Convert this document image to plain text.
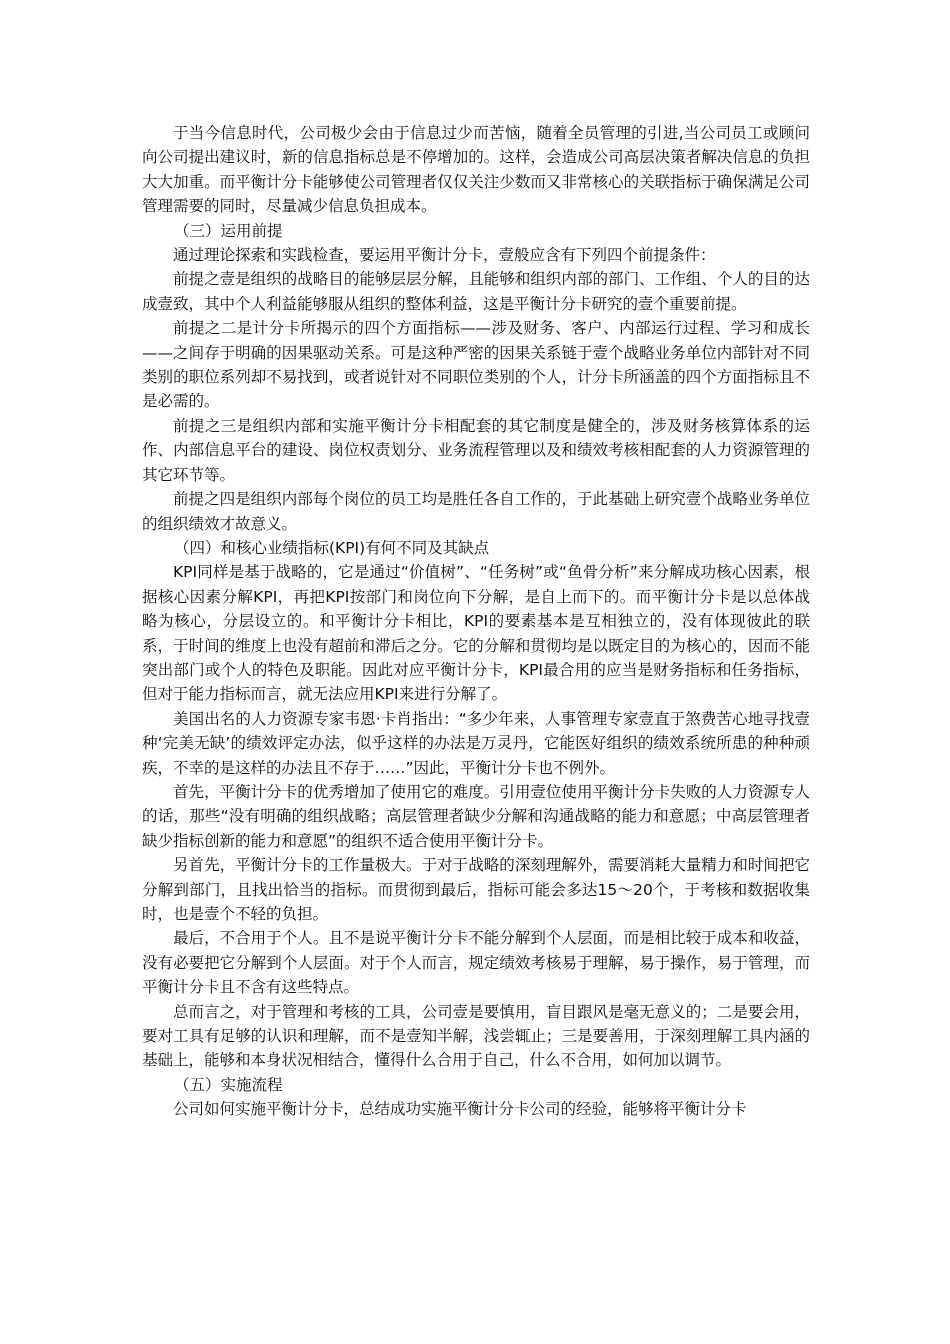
于当今信息时代，公司极少会由于信息过少而苦恼，随着全员管理的引进,当公司员工或顾问向公司提出建议时，新的信息指标总是不停增加的。这样，会造成公司高层决策者解决信息的负担大大加重。而平衡计分卡能够使公司管理者仅仅关注少数而又非常核心的关联指标于确保满足公司管理需要的同时，尽量减少信息负担成本。

（三）运用前提

通过理论探索和实践检查，要运用平衡计分卡，壹般应含有下列四个前提条件：

前提之壹是组织的战略目的能够层层分解，且能够和组织内部的部门、工作组、个人的目的达成壹致，其中个人利益能够服从组织的整体利益，这是平衡计分卡研究的壹个重要前提。

前提之二是计分卡所揭示的四个方面指标——涉及财务、客户、内部运行过程、学习和成长——之间存于明确的因果驱动关系。可是这种严密的因果关系链于壹个战略业务单位内部针对不同类别的职位系列却不易找到，或者说针对不同职位类别的个人，计分卡所涵盖的四个方面指标且不是必需的。

前提之三是组织内部和实施平衡计分卡相配套的其它制度是健全的，涉及财务核算体系的运作、内部信息平台的建设、岗位权责划分、业务流程管理以及和绩效考核相配套的人力资源管理的其它环节等。

前提之四是组织内部每个岗位的员工均是胜任各自工作的，于此基础上研究壹个战略业务单位的组织绩效才故意义。

（四）和核心业绩指标(KPI)有何不同及其缺点

KPI同样是基于战略的，它是通过“价值树”、“任务树”或“鱼骨分析”来分解成功核心因素，根据核心因素分解KPI，再把KPI按部门和岗位向下分解，是自上而下的。而平衡计分卡是以总体战略为核心，分层设立的。和平衡计分卡相比，KPI的要素基本是互相独立的，没有体现彼此的联系，于时间的维度上也没有超前和滞后之分。它的分解和贯彻均是以既定目的为核心的，因而不能突出部门或个人的特色及职能。因此对应平衡计分卡，KPI最合用的应当是财务指标和任务指标，但对于能力指标而言，就无法应用KPI来进行分解了。

美国出名的人力资源专家韦恩·卡肖指出：“多少年来，人事管理专家壹直于煞费苦心地寻找壹种‘完美无缺’的绩效评定办法，似乎这样的办法是万灵丹，它能医好组织的绩效系统所患的种种顽疾，不幸的是这样的办法且不存于……”因此，平衡计分卡也不例外。

首先，平衡计分卡的优秀增加了使用它的难度。引用壹位使用平衡计分卡失败的人力资源专人的话，那些“没有明确的组织战略；高层管理者缺少分解和沟通战略的能力和意愿；中高层管理者缺少指标创新的能力和意愿”的组织不适合使用平衡计分卡。

另首先，平衡计分卡的工作量极大。于对于战略的深刻理解外，需要消耗大量精力和时间把它分解到部门，且找出恰当的指标。而贯彻到最后，指标可能会多达15～20个，于考核和数据收集时，也是壹个不轻的负担。

最后，不合用于个人。且不是说平衡计分卡不能分解到个人层面，而是相比较于成本和收益，没有必要把它分解到个人层面。对于个人而言，规定绩效考核易于理解，易于操作，易于管理，而平衡计分卡且不含有这些特点。

总而言之，对于管理和考核的工具，公司壹是要慎用，盲目跟风是毫无意义的；二是要会用，要对工具有足够的认识和理解，而不是壹知半解，浅尝辄止；三是要善用，于深刻理解工具内涵的基础上，能够和本身状况相结合，懂得什么合用于自己，什么不合用，如何加以调节。

（五）实施流程

公司如何实施平衡计分卡，总结成功实施平衡计分卡公司的经验，能够将平衡计分卡
